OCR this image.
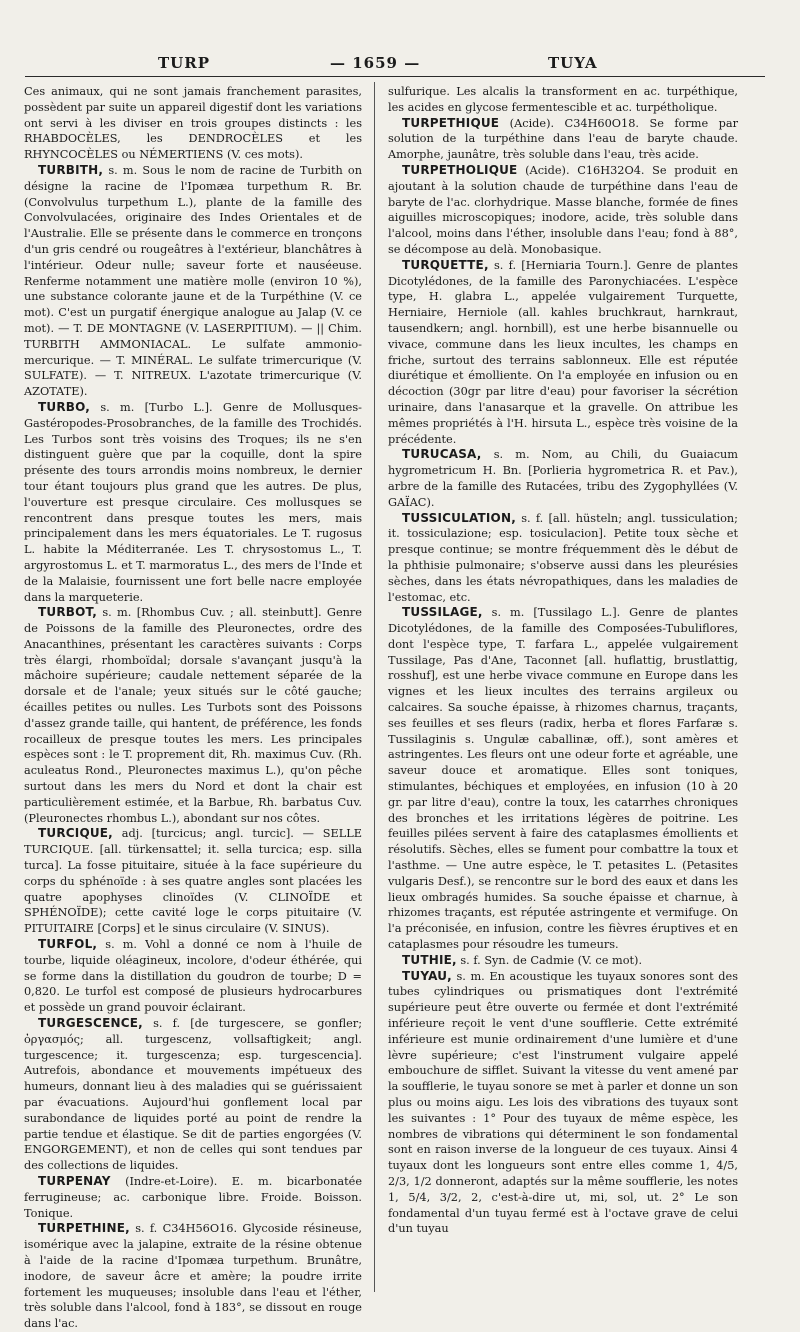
TURP	— 1659 —	TUYA

Ces animaux, qui ne sont jamais franchement parasites, possèdent par suite un appareil digestif dont les variations ont servi à les diviser en trois groupes distincts : les RHABDOCÈLES, les DENDROCÈLES et les RHYNCOCÈLES ou NÉMERTIENS (V. ces mots).

TURBITH, s. m. Sous le nom de racine de Turbith on désigne la racine de l'Ipomæa turpethum R. Br. (Convolvulus turpethum L.), plante de la famille des Convolvulacées, originaire des Indes Orientales et de l'Australie. Elle se présente dans le commerce en tronçons d'un gris cendré ou rougeâtres à l'extérieur, blanchâtres à l'intérieur. Odeur nulle; saveur forte et nauséeuse. Renferme notamment une matière molle (environ 10 %), une substance colorante jaune et de la Turpéthine (V. ce mot). C'est un purgatif énergique analogue au Jalap (V. ce mot). — T. DE MONTAGNE (V. LASERPITIUM). — || Chim. TURBITH AMMONIACAL. Le sulfate ammonio-mercurique. — T. MINÉRAL. Le sulfate trimercurique (V. SULFATE). — T. NITREUX. L'azotate trimercurique (V. AZOTATE).

TURBO, s. m. [Turbo L.]. Genre de Mollusques-Gastéropodes-Prosobranches, de la famille des Trochidés. Les Turbos sont très voisins des Troques; ils ne s'en distinguent guère que par la coquille, dont la spire présente des tours arrondis moins nombreux, le dernier tour étant toujours plus grand que les autres. De plus, l'ouverture est presque circulaire. Ces mollusques se rencontrent dans presque toutes les mers, mais principalement dans les mers équatoriales. Le T. rugosus L. habite la Méditerranée. Les T. chrysostomus L., T. argyrostomus L. et T. marmoratus L., des mers de l'Inde et de la Malaisie, fournissent une fort belle nacre employée dans la marqueterie.

TURBOT, s. m. [Rhombus Cuv. ; all. steinbutt]. Genre de Poissons de la famille des Pleuronectes, ordre des Anacanthines, présentant les caractères suivants : Corps très élargi, rhomboïdal; dorsale s'avançant jusqu'à la mâchoire supérieure; caudale nettement séparée de la dorsale et de l'anale; yeux situés sur le côté gauche; écailles petites ou nulles. Les Turbots sont des Poissons d'assez grande taille, qui hantent, de préférence, les fonds rocailleux de presque toutes les mers. Les principales espèces sont : le T. proprement dit, Rh. maximus Cuv. (Rh. aculeatus Rond., Pleuronectes maximus L.), qu'on pêche surtout dans les mers du Nord et dont la chair est particulièrement estimée, et la Barbue, Rh. barbatus Cuv. (Pleuronectes rhombus L.), abondant sur nos côtes.

TURCIQUE, adj. [turcicus; angl. turcic]. — SELLE TURCIQUE. [all. türkensattel; it. sella turcica; esp. silla turca]. La fosse pituitaire, située à la face supérieure du corps du sphénoïde : à ses quatre angles sont placées les quatre apophyses clinoïdes (V. CLINOÏDE et SPHÉNOÏDE); cette cavité loge le corps pituitaire (V. PITUITAIRE [Corps] et le sinus circulaire (V. SINUS).

TURFOL, s. m. Vohl a donné ce nom à l'huile de tourbe, liquide oléagineux, incolore, d'odeur éthérée, qui se forme dans la distillation du goudron de tourbe; D = 0,820. Le turfol est composé de plusieurs hydrocarbures et possède un grand pouvoir éclairant.

TURGESCENCE, s. f. [de turgescere, se gonfler; ὀργασμός; all. turgescenz, vollsaftigkeit; angl. turgescence; it. turgescenza; esp. turgescencia]. Autrefois, abondance et mouvements impétueux des humeurs, donnant lieu à des maladies qui se guérissaient par évacuations. Aujourd'hui gonflement local par surabondance de liquides porté au point de rendre la partie tendue et élastique. Se dit de parties engorgées (V. ENGORGEMENT), et non de celles qui sont tendues par des collections de liquides.

TURPENAY (Indre-et-Loire). E. m. bicarbonatée ferrugineuse; ac. carbonique libre. Froide. Boisson. Tonique.

TURPETHINE, s. f. C34H56O16. Glycoside résineuse, isomérique avec la jalapine, extraite de la résine obtenue à l'aide de la racine d'Ipomæa turpethum. Brunâtre, inodore, de saveur âcre et amère; la poudre irrite fortement les muqueuses; insoluble dans l'eau et l'éther, très soluble dans l'alcool, fond à 183°, se dissout en rouge dans l'ac.

sulfurique. Les alcalis la transforment en ac. turpéthique, les acides en glycose fermentescible et ac. turpétholique.

TURPETHIQUE (Acide). C34H60O18. Se forme par solution de la turpéthine dans l'eau de baryte chaude. Amorphe, jaunâtre, très soluble dans l'eau, très acide.

TURPETHOLIQUE (Acide). C16H32O4. Se produit en ajoutant à la solution chaude de turpéthine dans l'eau de baryte de l'ac. clorhydrique. Masse blanche, formée de fines aiguilles microscopiques; inodore, acide, très soluble dans l'alcool, moins dans l'éther, insoluble dans l'eau; fond à 88°, se décompose au delà. Monobasique.

TURQUETTE, s. f. [Herniaria Tourn.]. Genre de plantes Dicotylédones, de la famille des Paronychiacées. L'espèce type, H. glabra L., appelée vulgairement Turquette, Herniaire, Herniole (all. kahles bruchkraut, harnkraut, tausendkern; angl. hornbill), est une herbe bisannuelle ou vivace, commune dans les lieux incultes, les champs en friche, surtout des terrains sablonneux. Elle est réputée diurétique et émolliente. On l'a employée en infusion ou en décoction (30gr par litre d'eau) pour favoriser la sécrétion urinaire, dans l'anasarque et la gravelle. On attribue les mêmes propriétés à l'H. hirsuta L., espèce très voisine de la précédente.

TURUCASA, s. m. Nom, au Chili, du Guaiacum hygrometricum H. Bn. [Porlieria hygrometrica R. et Pav.), arbre de la famille des Rutacées, tribu des Zygophyllées (V. GAÏAC).

TUSSICULATION, s. f. [all. hüsteln; angl. tussiculation; it. tossiculazione; esp. tosiculacion]. Petite toux sèche et presque continue; se montre fréquemment dès le début de la phthisie pulmonaire; s'observe aussi dans les pleurésies sèches, dans les états névropathiques, dans les maladies de l'estomac, etc.

TUSSILAGE, s. m. [Tussilago L.]. Genre de plantes Dicotylédones, de la famille des Composées-Tubuliflores, dont l'espèce type, T. farfara L., appelée vulgairement Tussilage, Pas d'Ane, Taconnet [all. huflattig, brustlattig, rosshuf], est une herbe vivace commune en Europe dans les vignes et les lieux incultes des terrains argileux ou calcaires. Sa souche épaisse, à rhizomes charnus, traçants, ses feuilles et ses fleurs (radix, herba et flores Farfaræ s. Tussilaginis s. Ungulæ caballinæ, off.), sont amères et astringentes. Les fleurs ont une odeur forte et agréable, une saveur douce et aromatique. Elles sont toniques, stimulantes, béchiques et employées, en infusion (10 à 20 gr. par litre d'eau), contre la toux, les catarrhes chroniques des bronches et les irritations légères de poitrine. Les feuilles pilées servent à faire des cataplasmes émollients et résolutifs. Sèches, elles se fument pour combattre la toux et l'asthme. — Une autre espèce, le T. petasites L. (Petasites vulgaris Desf.), se rencontre sur le bord des eaux et dans les lieux ombragés humides. Sa souche épaisse et charnue, à rhizomes traçants, est réputée astringente et vermifuge. On l'a préconisée, en infusion, contre les fièvres éruptives et en cataplasmes pour résoudre les tumeurs.

TUTHIE, s. f. Syn. de Cadmie (V. ce mot).

TUYAU, s. m. En acoustique les tuyaux sonores sont des tubes cylindriques ou prismatiques dont l'extrémité supérieure peut être ouverte ou fermée et dont l'extrémité inférieure reçoit le vent d'une soufflerie. Cette extrémité inférieure est munie ordinairement d'une lumière et d'une lèvre supérieure; c'est l'instrument vulgaire appelé embouchure de sifflet. Suivant la vitesse du vent amené par la soufflerie, le tuyau sonore se met à parler et donne un son plus ou moins aigu. Les lois des vibrations des tuyaux sont les suivantes : 1° Pour des tuyaux de même espèce, les nombres de vibrations qui déterminent le son fondamental sont en raison inverse de la longueur de ces tuyaux. Ainsi 4 tuyaux dont les longueurs sont entre elles comme 1, 4/5, 2/3, 1/2 donneront, adaptés sur la même soufflerie, les notes 1, 5/4, 3/2, 2, c'est-à-dire ut, mi, sol, ut. 2° Le son fondamental d'un tuyau fermé est à l'octave grave de celui d'un tuyau
